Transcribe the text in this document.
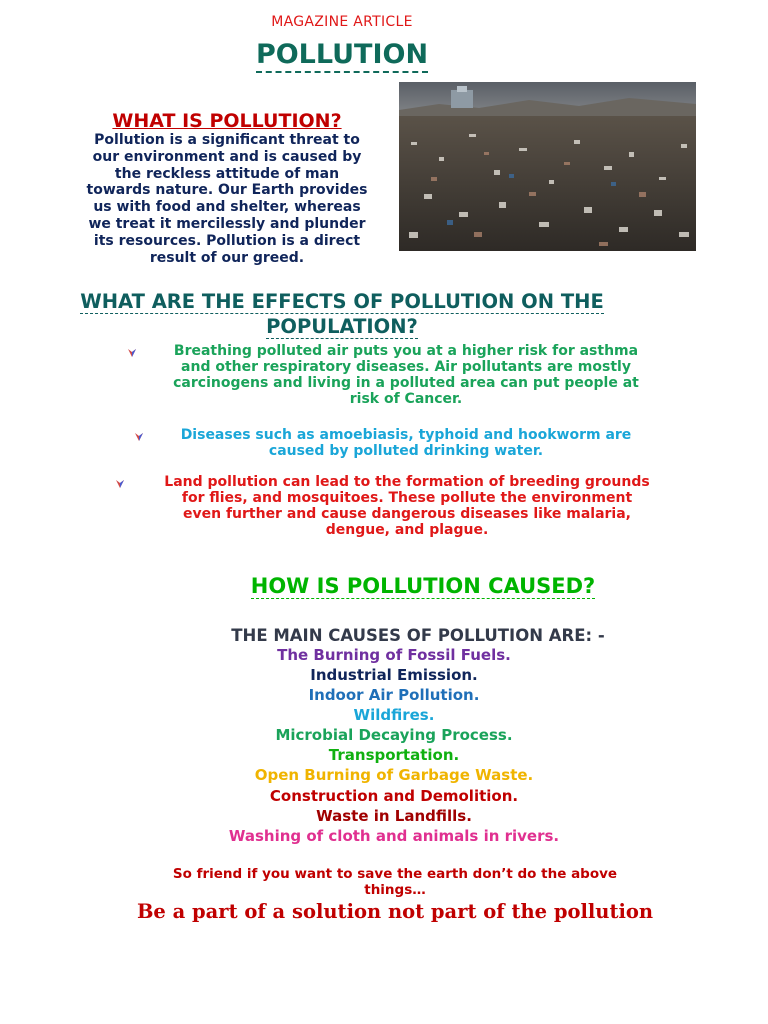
MAGAZINE ARTICLE
POLLUTION
WHAT IS POLLUTION?

Pollution is a significant threat to
our environment and is caused by
the reckless attitude of man
towards nature. Our Earth provides
us with food and shelter, whereas
we treat it mercilessly and plunder
its resources. Pollution is a direct
result of our greed.

WHAT ARE THE EFFECTS OF POLLUTION ON THE
POPULATION?
Breathing polluted air puts you at a higher risk for asthma
and other respiratory diseases. Air pollutants are mostly
carcinogens and living in a polluted area can put people at
risk of Cancer.
Diseases such as amoebiasis, typhoid and hookworm are
caused by polluted drinking water.
Land pollution can lead to the formation of breeding grounds
for flies, and mosquitoes. These pollute the environment
even further and cause dangerous diseases like malaria,
dengue, and plague.
HOW IS POLLUTION CAUSED?
THE MAIN CAUSES OF POLLUTION ARE: -
The Burning of Fossil Fuels.
Industrial Emission.
Indoor Air Pollution.
Wildfires.
Microbial Decaying Process.
Transportation.
Open Burning of Garbage Waste.
Construction and Demolition.
Waste in Landfills.
Washing of cloth and animals in rivers.
So friend if you want to save the earth don’t do the above
things…
Be a part of a solution not part of the pollution
